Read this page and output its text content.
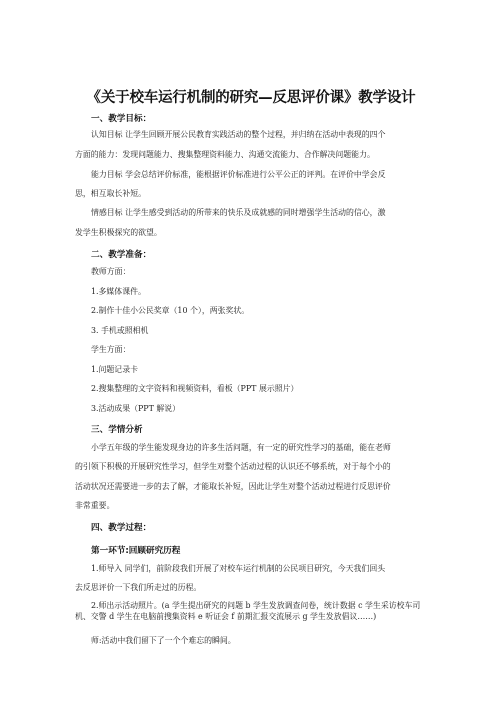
《关于校车运行机制的研究—反思评价课》教学设计
一、教学目标：
认知目标 让学生回顾开展公民教育实践活动的整个过程，并归纳在活动中表现的四个
方面的能力：发现问题能力、搜集整理资料能力、沟通交流能力、合作解决问题能力。
能力目标 学会总结评价标准，能根据评价标准进行公平公正的评判。在评价中学会反
思，相互取长补短。
情感目标 让学生感受到活动的所带来的快乐及成就感的同时增强学生活动的信心，激
发学生积极探究的欲望。
二、教学准备：
教师方面：
1.多媒体课件。
2.制作十佳小公民奖章（10 个），两张奖状。
3. 手机或照相机
学生方面：
1.问题记录卡
2.搜集整理的文字资料和视频资料，看板（PPT 展示照片）
3.活动成果（PPT 解说）
三、学情分析
小学五年级的学生能发现身边的许多生活问题，有一定的研究性学习的基础，能在老师
的引领下积极的开展研究性学习，但学生对整个活动过程的认识还不够系统，对于每个小的
活动状况还需要进一步的去了解，才能取长补短，因此让学生对整个活动过程进行反思评价
非常重要。
四、教学过程：
第一环节:回顾研究历程
1.师导入 同学们，前阶段我们开展了对校车运行机制的公民项目研究，今天我们回头
去反思评价一下我们所走过的历程。
2.师出示活动照片。(a 学生提出研究的问题 b 学生发放调查问卷，统计数据 c 学生采访校车司机、交警 d 学生在电脑前搜集资料 e 听证会 f 前期汇报交流展示 g 学生发放倡议……)
师:活动中我们留下了一个个难忘的瞬间。
